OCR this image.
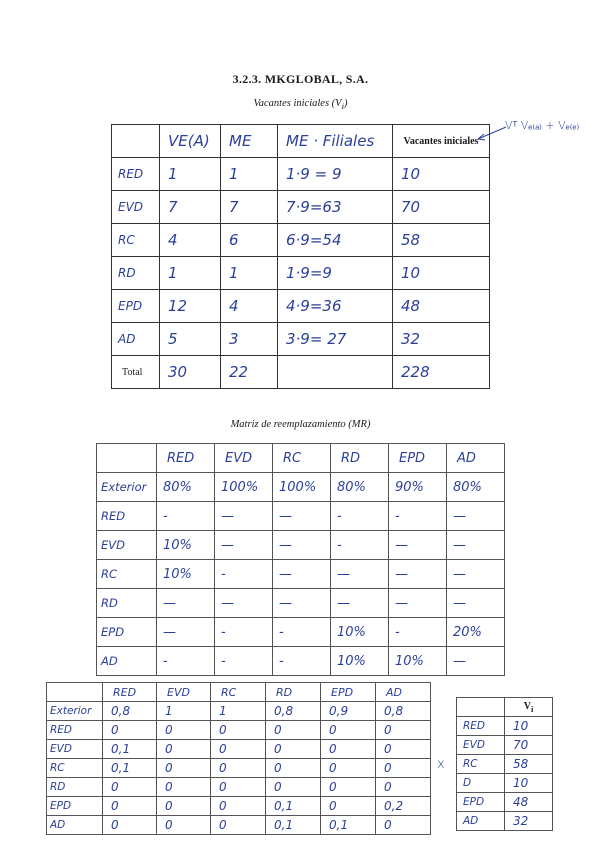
3.2.3. MKGLOBAL, S.A.
Vacantes iniciales $(V_i)$
Vᵀ Vₑ₍ₐ₎ + Vₑ₍ₑ₎
	VE(A)	ME	ME · Filiales	Vacantes iniciales
RED	1	1	1·9 = 9	10
EVD	7	7	7·9=63	70
RC	4	6	6·9=54	58
RD	1	1	1·9=9	10
EPD	12	4	4·9=36	48
AD	5	3	3·9= 27	32
Total	30	22		228
Matriz de reemplazamiento (MR)
	RED	EVD	RC	RD	EPD	AD
Exterior	80%	100%	100%	80%	90%	80%
RED	-	—	—	-	-	—
EVD	10%	—	—	-	—	—
RC	10%	-	—	—	—	—
RD	—	—	—	—	—	—
EPD	—	-	-	10%	-	20%
AD	-	-	-	10%	10%	—
	RED	EVD	RC	RD	EPD	AD
Exterior	0,8	1	1	0,8	0,9	0,8
RED	0	0	0	0	0	0
EVD	0,1	0	0	0	0	0
RC	0,1	0	0	0	0	0
RD	0	0	0	0	0	0
EPD	0	0	0	0,1	0	0,2
AD	0	0	0	0,1	0,1	0
x
	$V_i$
RED	10
EVD	70
RC	58
D	10
EPD	48
AD	32
